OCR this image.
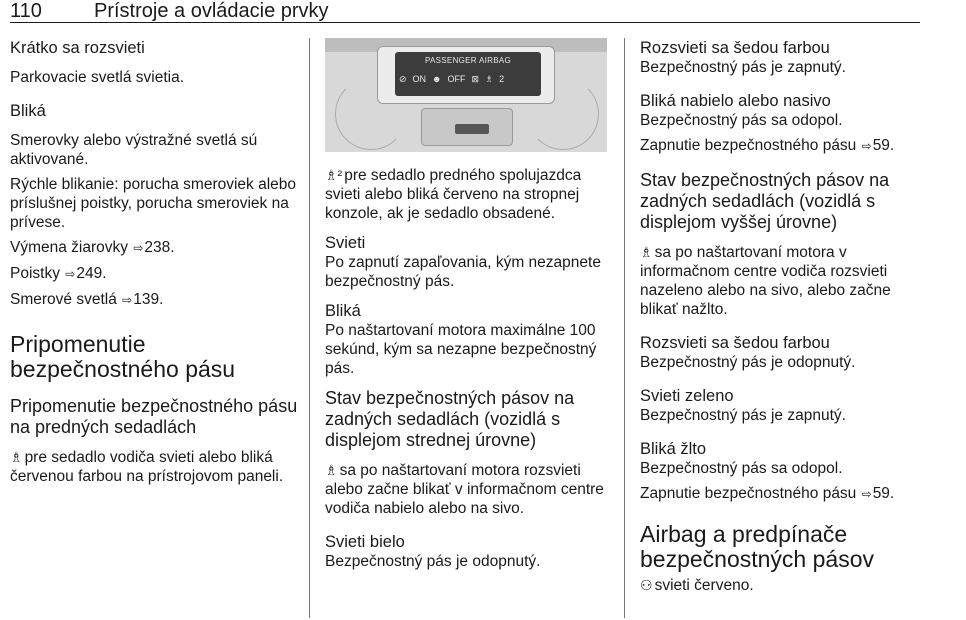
110	Prístroje a ovládacie prvky
Krátko sa rozsvieti

Parkovacie svetlá svietia.

Bliká

Smerovky alebo výstražné svetlá sú aktivované.

Rýchle blikanie: porucha smeroviek alebo príslušnej poistky, porucha smeroviek na prívese.

Výmena žiarovky ⇨238.

Poistky ⇨249.

Smerové svetlá ⇨139.

Pripomenutie bezpečnostného pásu
Pripomenutie bezpečnostného pásu na predných sedadlách

♗ pre sedadlo vodiča svieti alebo bliká červenou farbou na prístrojovom paneli.

PASSENGER AIRBAG
⊘ ON ☻ OFF ⊠ ♗ 2

♗² pre sedadlo predného spolujazdca svieti alebo bliká červeno na stropnej konzole, ak je sedadlo obsadené.

Svieti

Po zapnutí zapaľovania, kým nezapnete bezpečnostný pás.

Bliká

Po naštartovaní motora maximálne 100 sekúnd, kým sa nezapne bezpečnostný pás.

Stav bezpečnostných pásov na zadných sedadlách (vozidlá s displejom strednej úrovne)

♗ sa po naštartovaní motora rozsvieti alebo začne blikať v informačnom centre vodiča nabielo alebo na sivo.

Svieti bielo

Bezpečnostný pás je odopnutý.

Rozsvieti sa šedou farbou

Bezpečnostný pás je zapnutý.

Bliká nabielo alebo nasivo

Bezpečnostný pás sa odopol.

Zapnutie bezpečnostného pásu ⇨59.

Stav bezpečnostných pásov na zadných sedadlách (vozidlá s displejom vyššej úrovne)

♗ sa po naštartovaní motora v informačnom centre vodiča rozsvieti nazeleno alebo na sivo, alebo začne blikať nažlto.

Rozsvieti sa šedou farbou

Bezpečnostný pás je odopnutý.

Svieti zeleno

Bezpečnostný pás je zapnutý.

Bliká žlto

Bezpečnostný pás sa odopol.

Zapnutie bezpečnostného pásu ⇨59.

Airbag a predpínače bezpečnostných pásov

⚇ svieti červeno.
